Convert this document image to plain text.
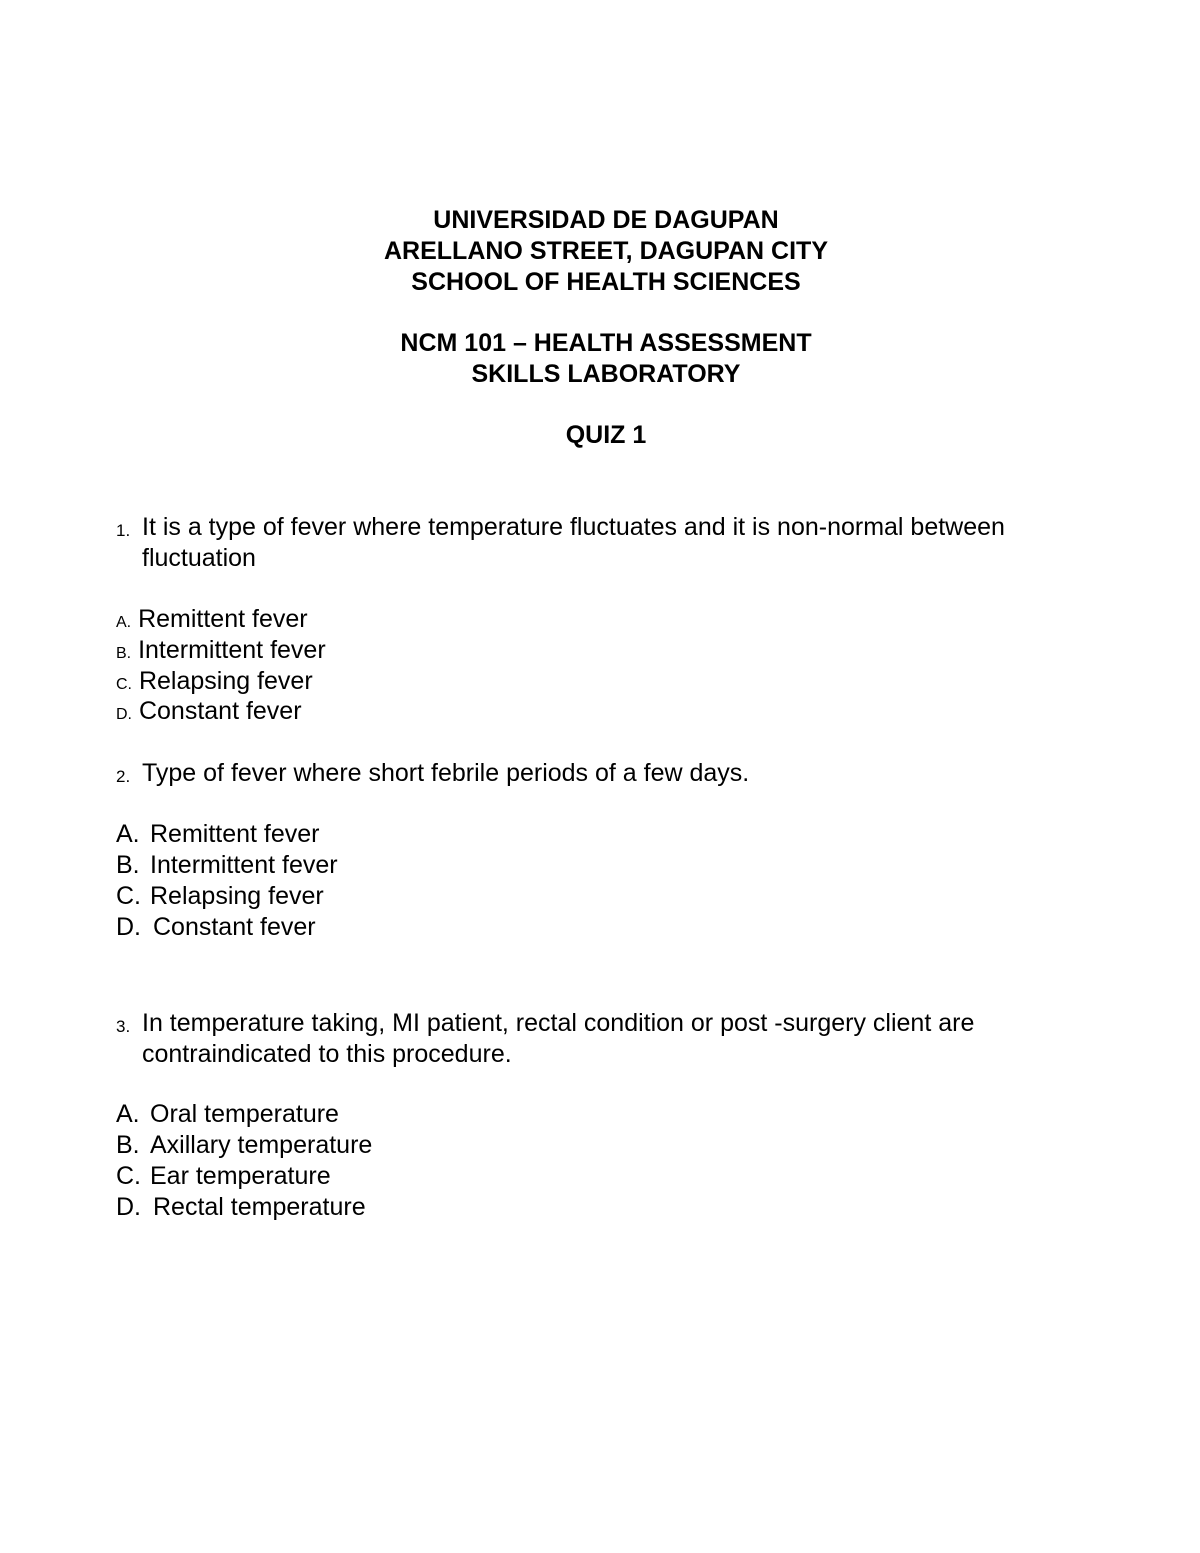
UNIVERSIDAD DE DAGUPAN
ARELLANO STREET, DAGUPAN CITY
SCHOOL OF HEALTH SCIENCES
NCM 101 – HEALTH ASSESSMENT
SKILLS LABORATORY
QUIZ 1
1. It is a type of fever where temperature fluctuates and it is non-normal between
fluctuation
A. Remittent fever
B. Intermittent fever
C. Relapsing fever
D. Constant fever
2. Type of fever where short febrile periods of a few days.
A. Remittent fever
B. Intermittent fever
C. Relapsing fever
D. Constant fever
3. In temperature taking, MI patient, rectal condition or post -surgery client are
contraindicated to this procedure.
A. Oral temperature
B. Axillary temperature
C. Ear temperature
D. Rectal temperature
